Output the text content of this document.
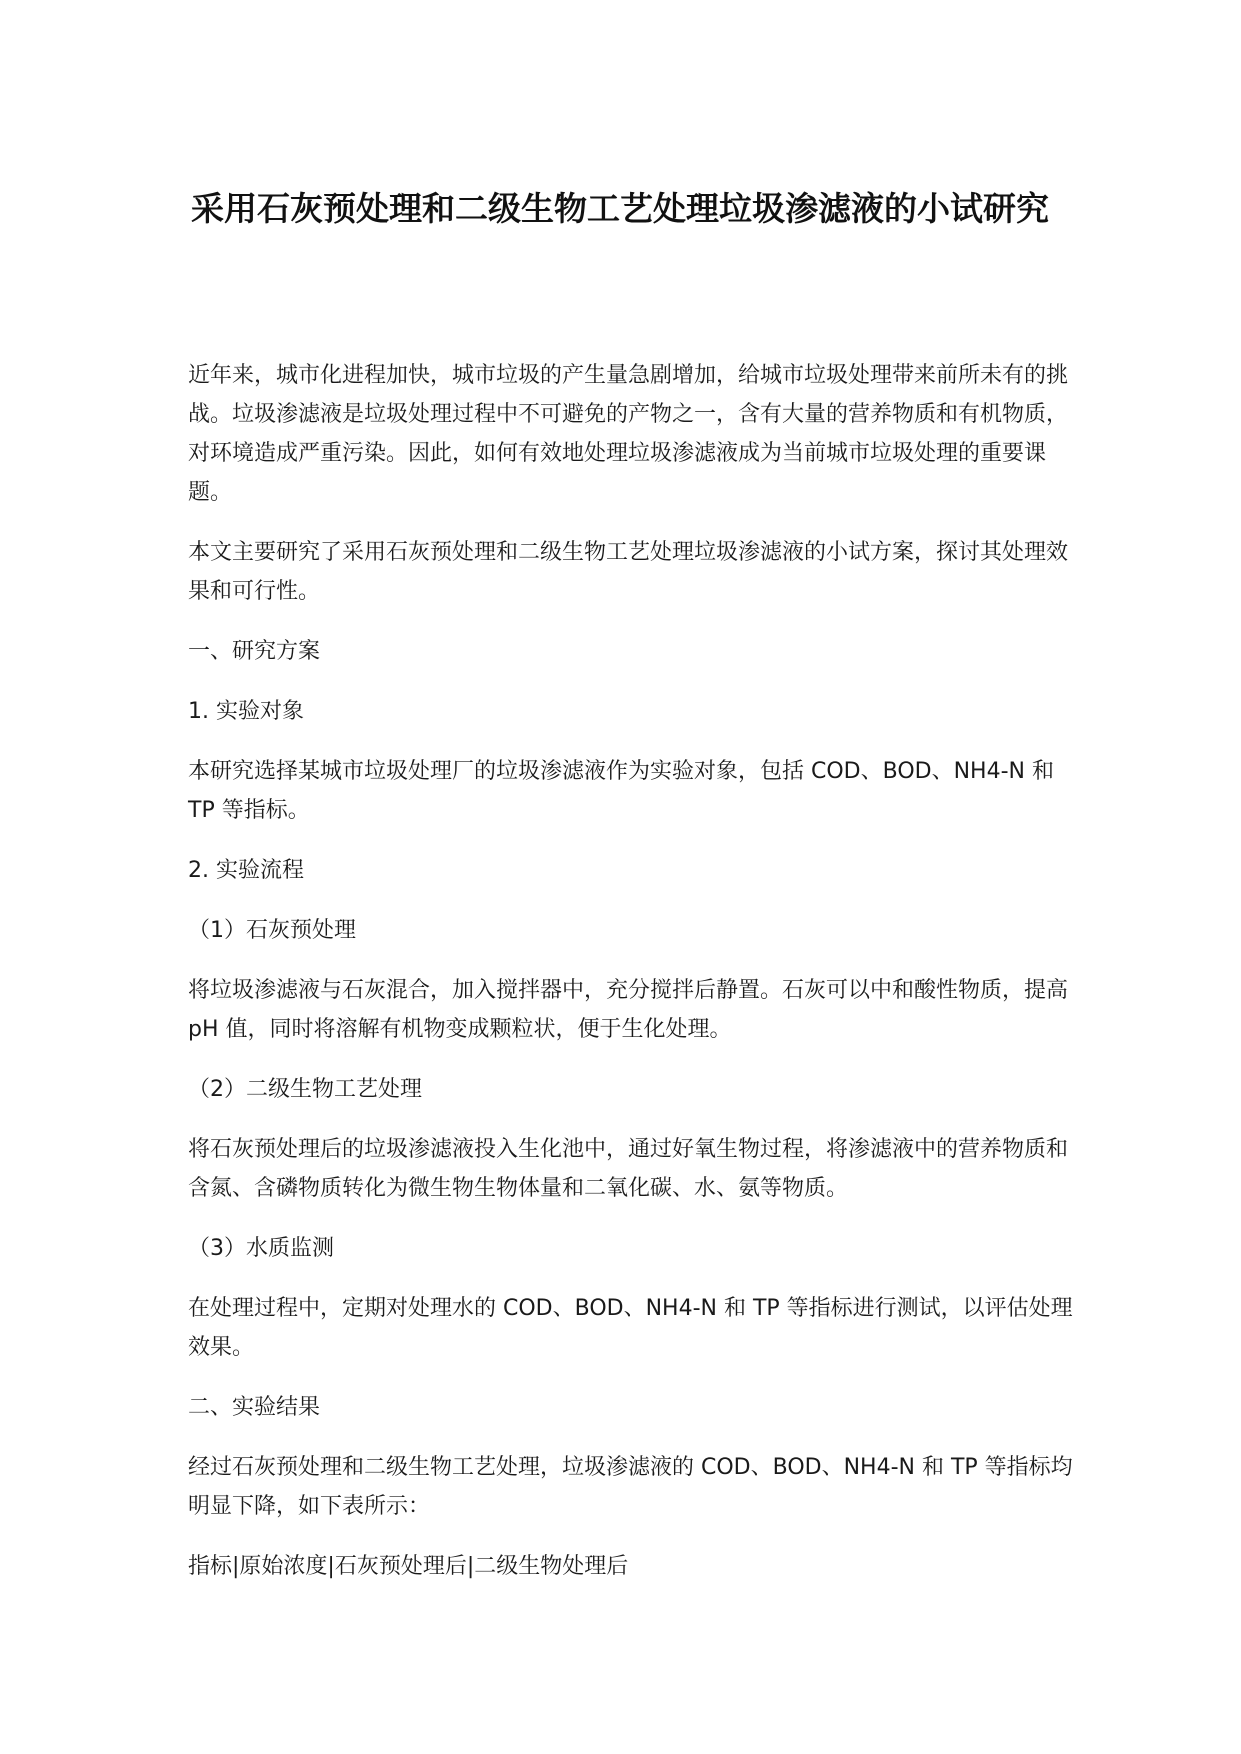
采用石灰预处理和二级生物工艺处理垃圾渗滤液的小试研究

近年来，城市化进程加快，城市垃圾的产生量急剧增加，给城市垃圾处理带来前所未有的挑战。垃圾渗滤液是垃圾处理过程中不可避免的产物之一，含有大量的营养物质和有机物质，对环境造成严重污染。因此，如何有效地处理垃圾渗滤液成为当前城市垃圾处理的重要课题。

本文主要研究了采用石灰预处理和二级生物工艺处理垃圾渗滤液的小试方案，探讨其处理效果和可行性。

一、研究方案

1. 实验对象

本研究选择某城市垃圾处理厂的垃圾渗滤液作为实验对象，包括 COD、BOD、NH4-N 和 TP 等指标。

2. 实验流程

（1）石灰预处理

将垃圾渗滤液与石灰混合，加入搅拌器中，充分搅拌后静置。石灰可以中和酸性物质，提高 pH 值，同时将溶解有机物变成颗粒状，便于生化处理。

（2）二级生物工艺处理

将石灰预处理后的垃圾渗滤液投入生化池中，通过好氧生物过程，将渗滤液中的营养物质和含氮、含磷物质转化为微生物生物体量和二氧化碳、水、氨等物质。

（3）水质监测

在处理过程中，定期对处理水的 COD、BOD、NH4-N 和 TP 等指标进行测试，以评估处理效果。

二、实验结果

经过石灰预处理和二级生物工艺处理，垃圾渗滤液的 COD、BOD、NH4-N 和 TP 等指标均明显下降，如下表所示：

指标|原始浓度|石灰预处理后|二级生物处理后
